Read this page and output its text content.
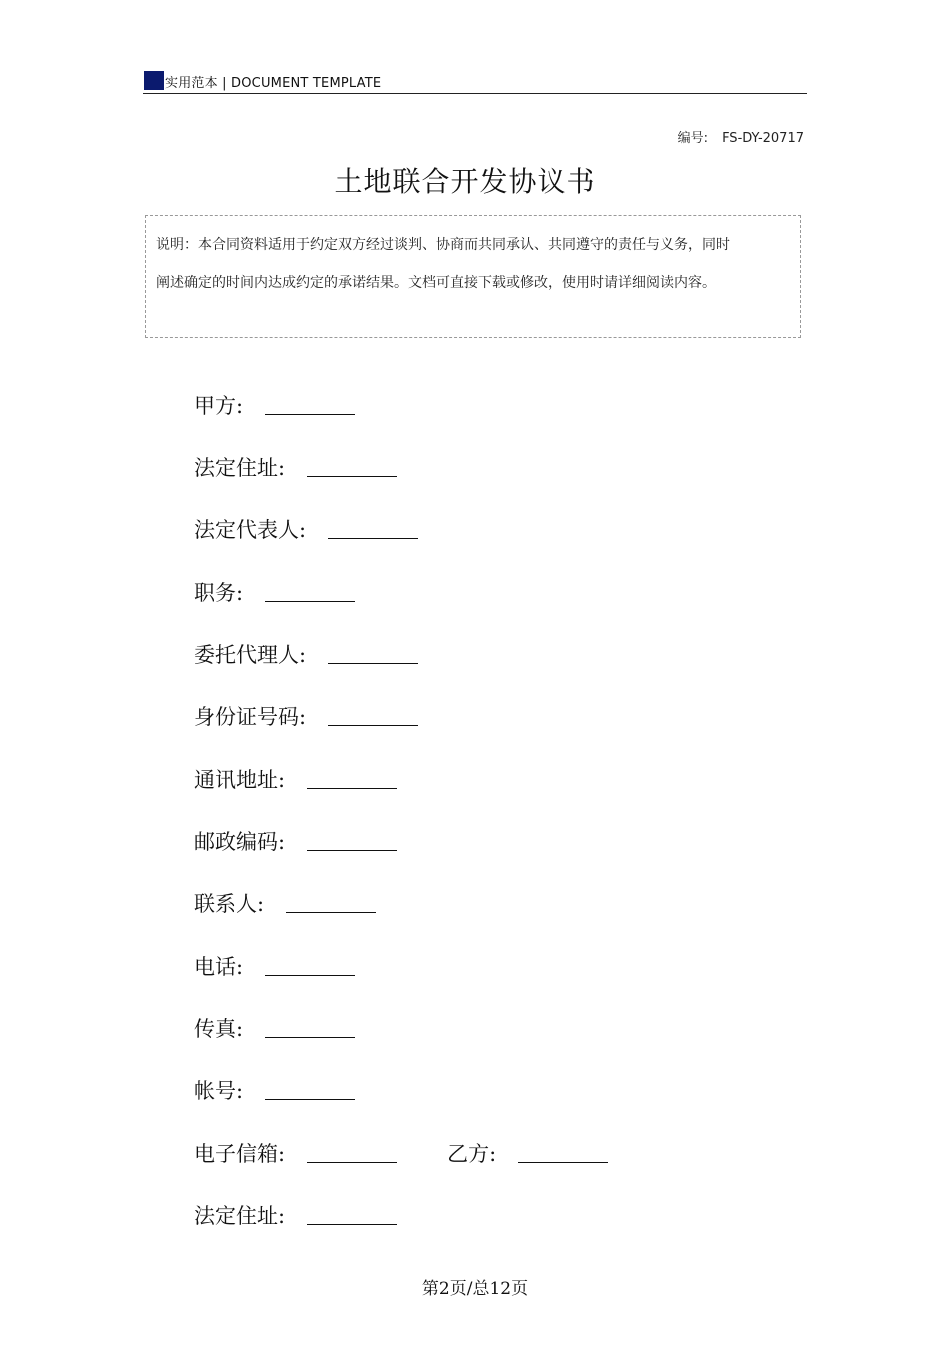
实用范本 | DOCUMENT TEMPLATE
编号: FS-DY-20717
土地联合开发协议书
说明：本合同资料适用于约定双方经过谈判、协商而共同承认、共同遵守的责任与义务，同时阐述确定的时间内达成约定的承诺结果。文档可直接下载或修改，使用时请详细阅读内容。
甲方:
法定住址:
法定代表人:
职务:
委托代理人:
身份证号码:
通讯地址:
邮政编码:
联系人:
电话:
传真:
帐号:
电子信箱:	乙方:
法定住址:
第2页/总12页
